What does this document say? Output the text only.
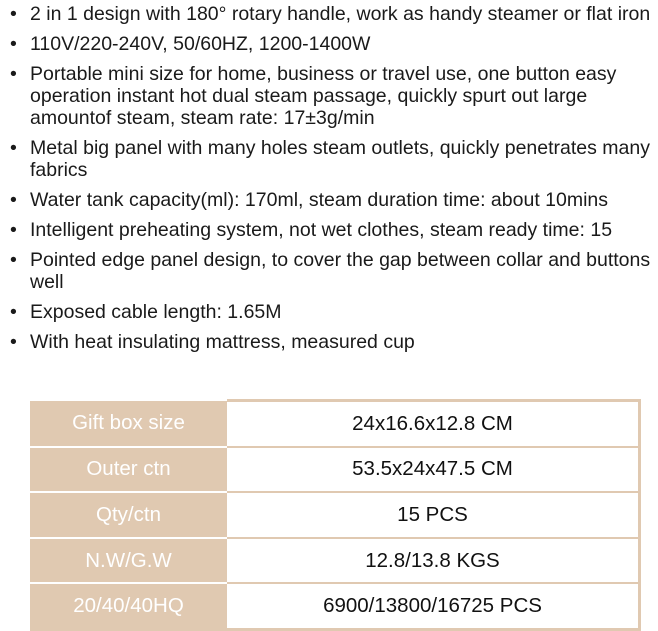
• 2 in 1 design with 180° rotary handle, work as handy steamer or flat iron
• 110V/220-240V, 50/60HZ, 1200-1400W
• Portable mini size for home, business or travel use, one button easy operation instant hot dual steam passage, quickly spurt out large amountof steam, steam rate: 17±3g/min
• Metal big panel with many holes steam outlets, quickly penetrates many fabrics
• Water tank capacity(ml): 170ml, steam duration time: about 10mins
• Intelligent preheating system, not wet clothes, steam ready time: 15
• Pointed edge panel design, to cover the gap between collar and buttons well
• Exposed cable length: 1.65M
• With heat insulating mattress, measured cup
Gift box size	24x16.6x12.8 CM
Outer ctn	53.5x24x47.5 CM
Qty/ctn	15 PCS
N.W/G.W	12.8/13.8 KGS
20/40/40HQ	6900/13800/16725 PCS
